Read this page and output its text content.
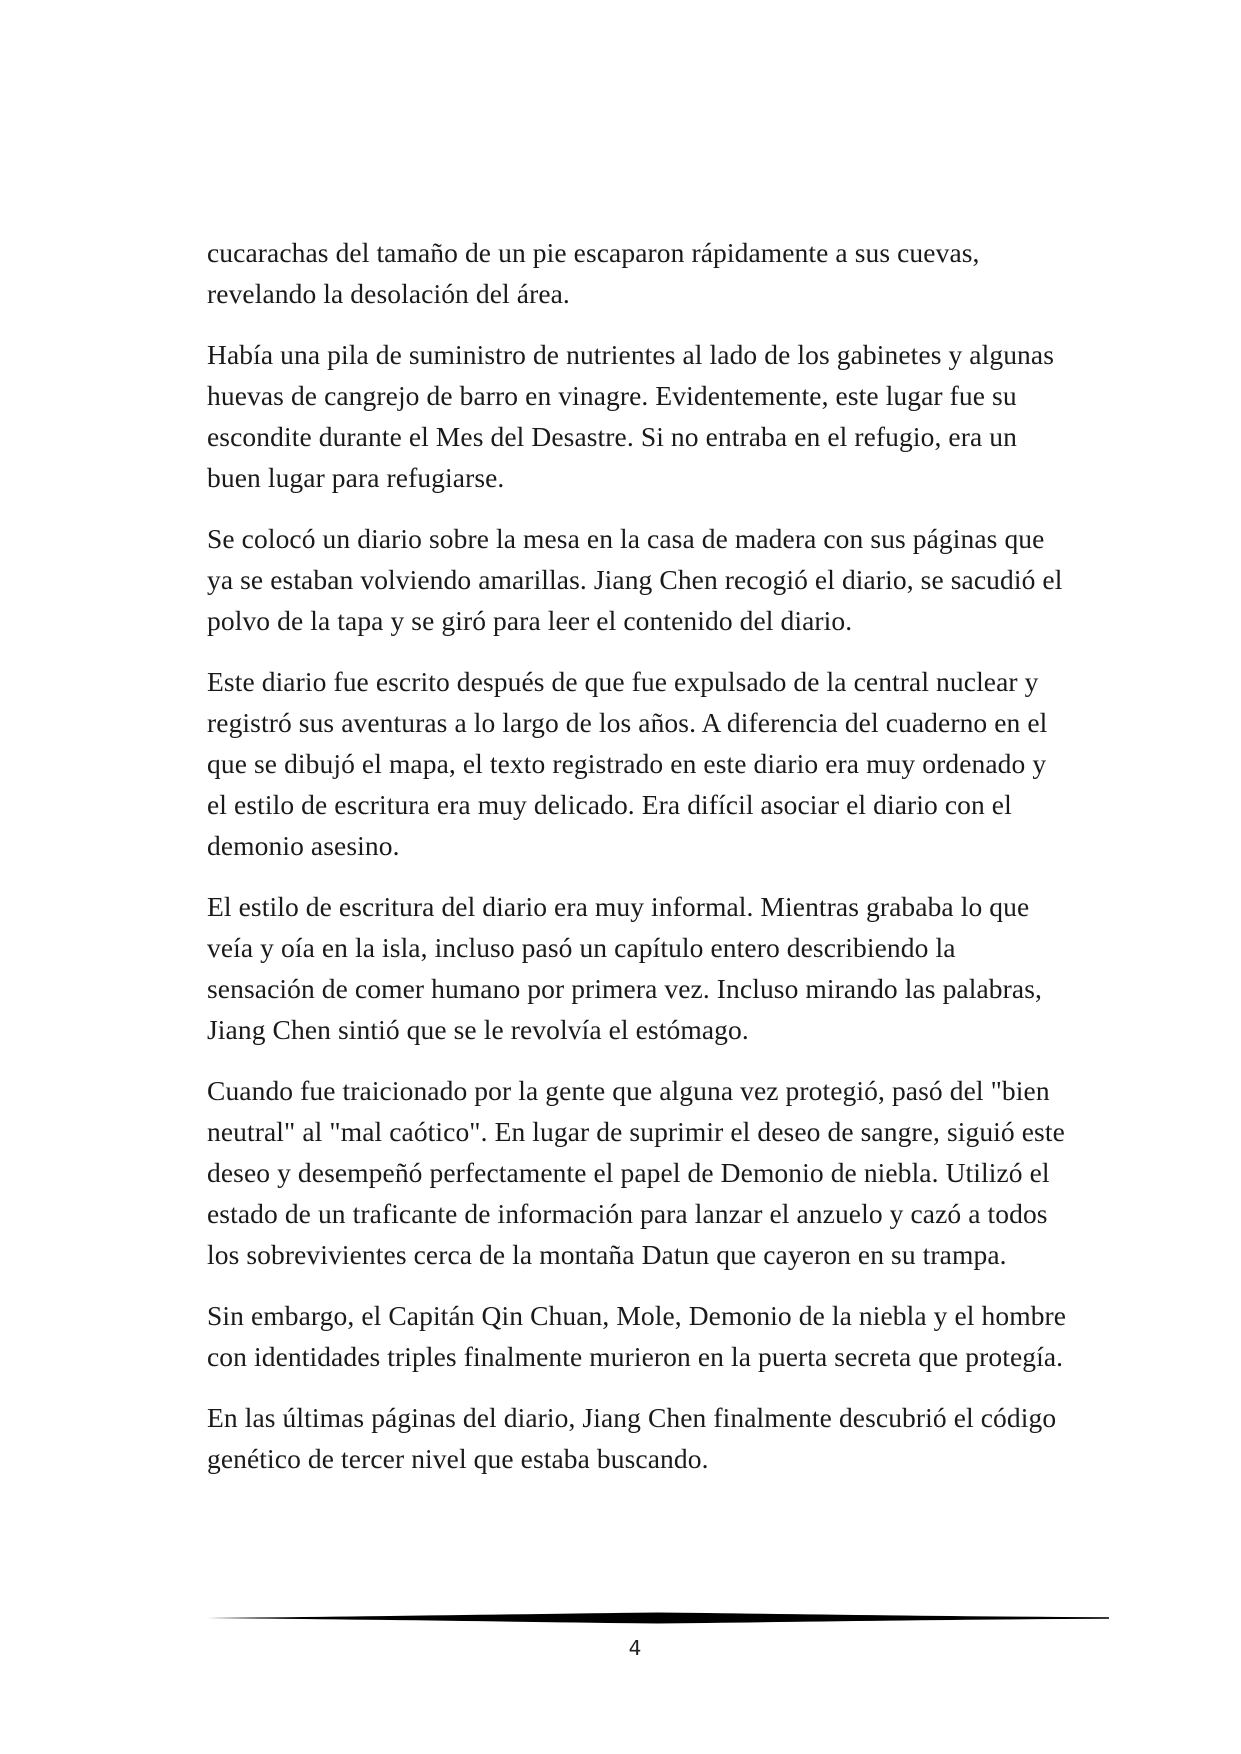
cucarachas del tamaño de un pie escaparon rápidamente a sus cuevas, revelando la desolación del área.

Había una pila de suministro de nutrientes al lado de los gabinetes y algunas huevas de cangrejo de barro en vinagre. Evidentemente, este lugar fue su escondite durante el Mes del Desastre. Si no entraba en el refugio, era un buen lugar para refugiarse.

Se colocó un diario sobre la mesa en la casa de madera con sus páginas que ya se estaban volviendo amarillas. Jiang Chen recogió el diario, se sacudió el polvo de la tapa y se giró para leer el contenido del diario.

Este diario fue escrito después de que fue expulsado de la central nuclear y registró sus aventuras a lo largo de los años. A diferencia del cuaderno en el que se dibujó el mapa, el texto registrado en este diario era muy ordenado y el estilo de escritura era muy delicado. Era difícil asociar el diario con el demonio asesino.

El estilo de escritura del diario era muy informal. Mientras grababa lo que veía y oía en la isla, incluso pasó un capítulo entero describiendo la sensación de comer humano por primera vez. Incluso mirando las palabras, Jiang Chen sintió que se le revolvía el estómago.

Cuando fue traicionado por la gente que alguna vez protegió, pasó del "bien neutral" al "mal caótico". En lugar de suprimir el deseo de sangre, siguió este deseo y desempeñó perfectamente el papel de Demonio de niebla. Utilizó el estado de un traficante de información para lanzar el anzuelo y cazó a todos los sobrevivientes cerca de la montaña Datun que cayeron en su trampa.

Sin embargo, el Capitán Qin Chuan, Mole, Demonio de la niebla y el hombre con identidades triples finalmente murieron en la puerta secreta que protegía.

En las últimas páginas del diario, Jiang Chen finalmente descubrió el código genético de tercer nivel que estaba buscando.

4
